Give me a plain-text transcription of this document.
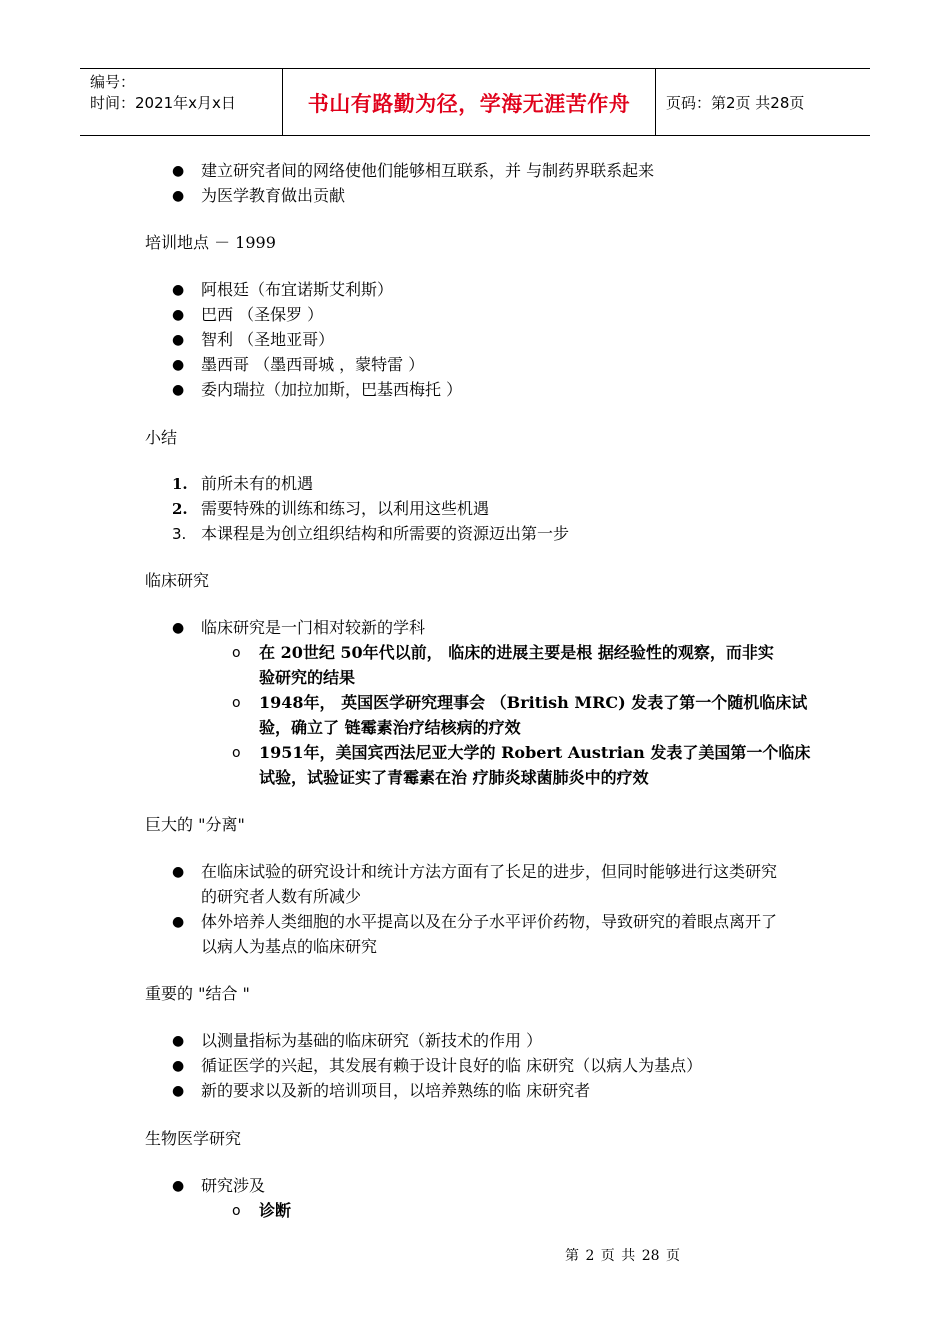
编号：
时间：2021年x月x日	书山有路勤为径，学海无涯苦作舟	页码：第2页 共28页
● 建立研究者间的网络使他们能够相互联系，并 与制药界联系起来
● 为医学教育做出贡献
培训地点 － 1999
● 阿根廷（布宜诺斯艾利斯）
● 巴西 （圣保罗 ）
● 智利 （圣地亚哥）
● 墨西哥 （墨西哥城 ，蒙特雷 ）
● 委内瑞拉（加拉加斯，巴基西梅托 ）
小结
1. 前所未有的机遇
2. 需要特殊的训练和练习，以利用这些机遇
3. 本课程是为创立组织结构和所需要的资源迈出第一步
临床研究
● 临床研究是一门相对较新的学科
o 在 20世纪 50年代以前， 临床的进展主要是根 据经验性的观察，而非实
验研究的结果
o 1948年， 英国医学研究理事会 （British MRC) 发表了第一个随机临床试
验，确立了 链霉素治疗结核病的疗效
o 1951年，美国宾西法尼亚大学的 Robert Austrian 发表了美国第一个临床
试验，试验证实了青霉素在治 疗肺炎球菌肺炎中的疗效
巨大的 "分离"
● 在临床试验的研究设计和统计方法方面有了长足的进步，但同时能够进行这类研究
的研究者人数有所减少
● 体外培养人类细胞的水平提高以及在分子水平评价药物，导致研究的着眼点离开了
以病人为基点的临床研究
重要的 "结合 "
● 以测量指标为基础的临床研究（新技术的作用 ）
● 循证医学的兴起，其发展有赖于设计良好的临 床研究（以病人为基点）
● 新的要求以及新的培训项目，以培养熟练的临 床研究者
生物医学研究
● 研究涉及
o 诊断
第 2 页 共 28 页
